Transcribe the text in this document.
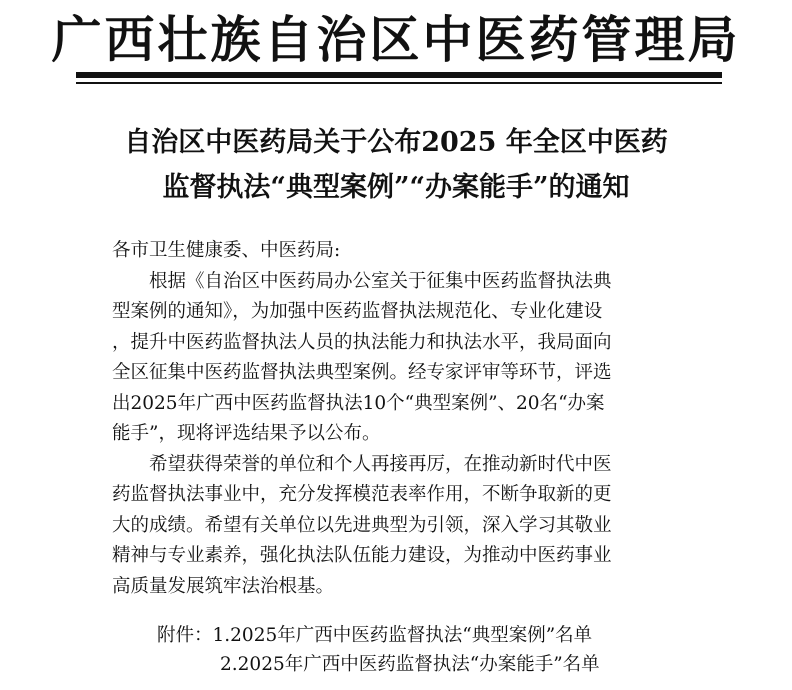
广西壮族自治区中医药管理局
自治区中医药局关于公布2025 年全区中医药
监督执法“典型案例”“办案能手”的通知
各市卫生健康委、中医药局:
根据《自治区中医药局办公室关于征集中医药监督执法典
型案例的通知》，为加强中医药监督执法规范化、专业化建设
，提升中医药监督执法人员的执法能力和执法水平，我局面向
全区征集中医药监督执法典型案例。经专家评审等环节，评选
出2025年广西中医药监督执法10个“典型案例”、20名“办案
能手”，现将评选结果予以公布。
希望获得荣誉的单位和个人再接再厉，在推动新时代中医
药监督执法事业中，充分发挥模范表率作用，不断争取新的更
大的成绩。希望有关单位以先进典型为引领，深入学习其敬业
精神与专业素养，强化执法队伍能力建设，为推动中医药事业
高质量发展筑牢法治根基。
附件：1.2025年广西中医药监督执法“典型案例”名单
2.2025年广西中医药监督执法“办案能手”名单
